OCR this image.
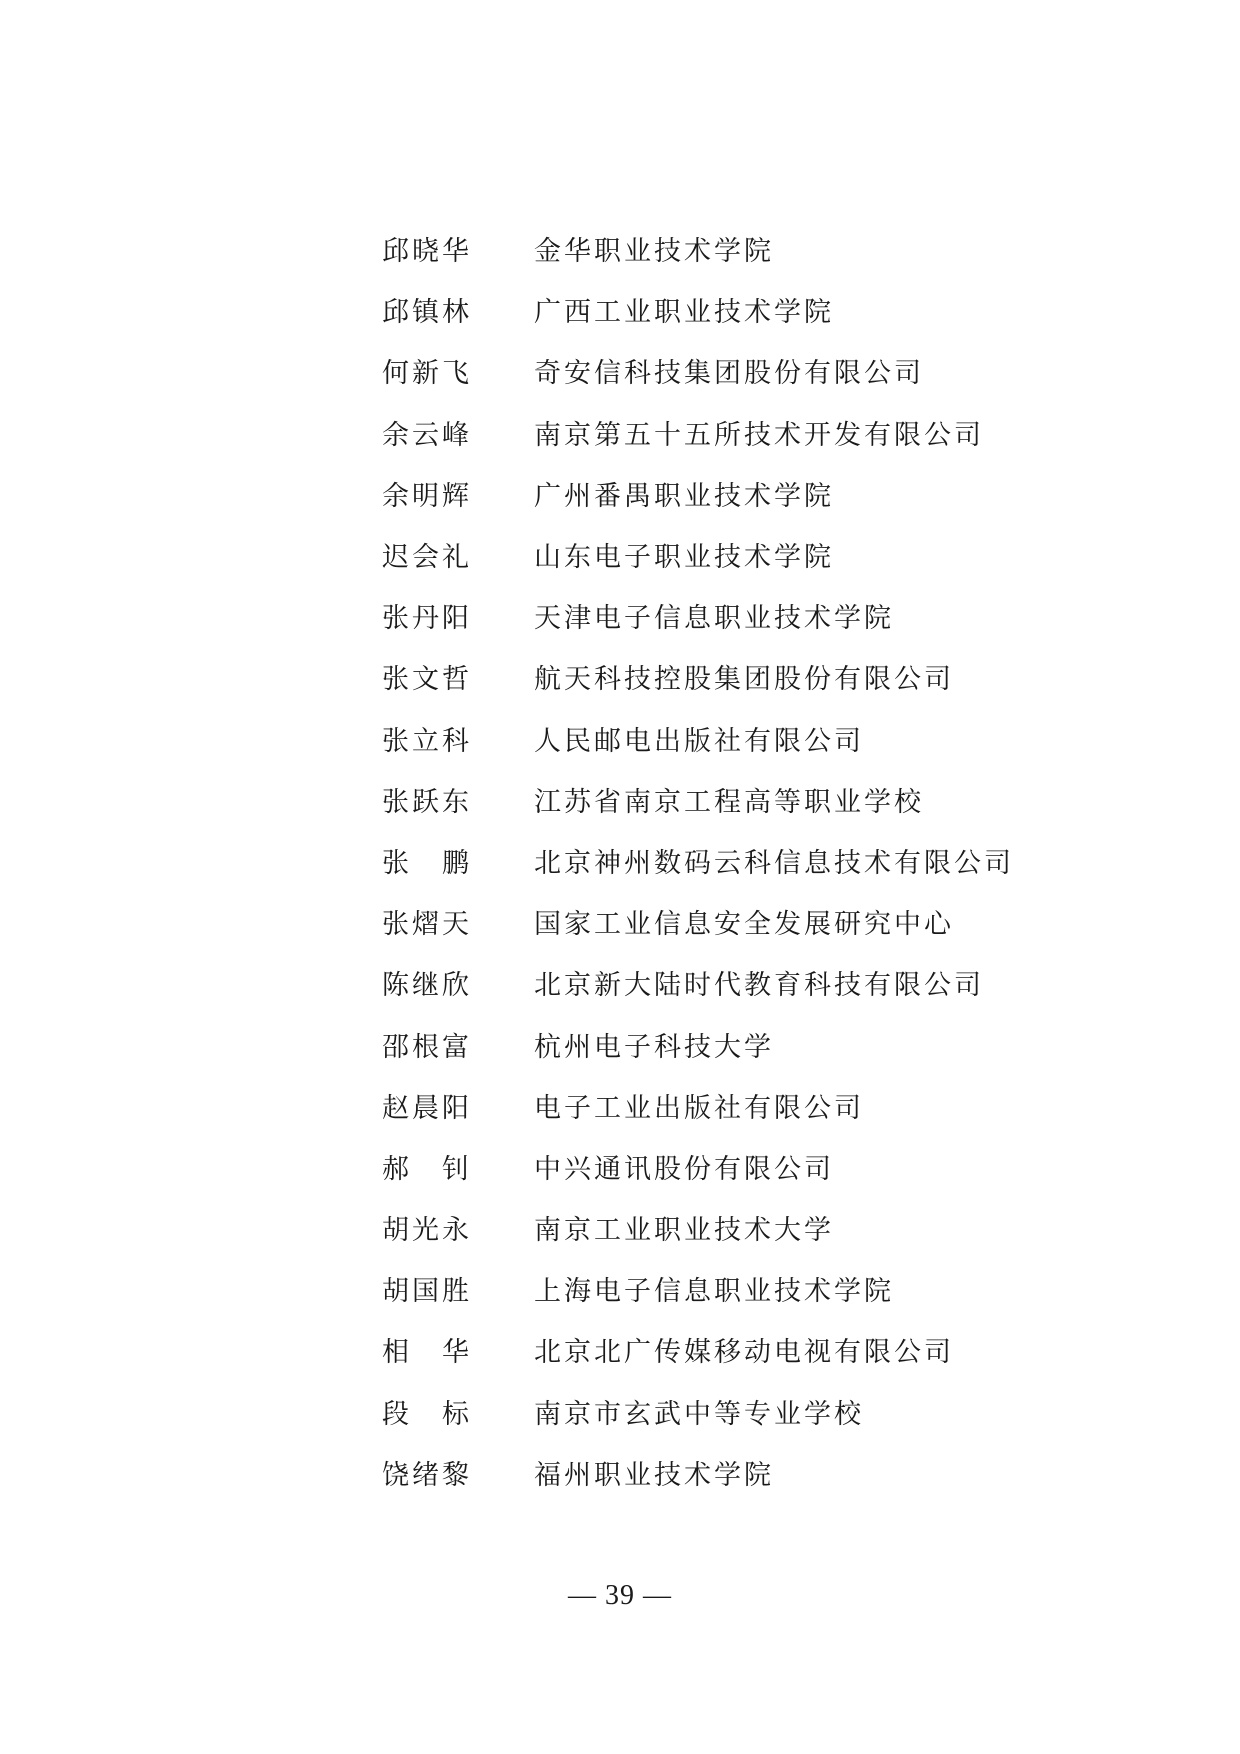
邱晓华	金华职业技术学院
邱镇林	广西工业职业技术学院
何新飞	奇安信科技集团股份有限公司
余云峰	南京第五十五所技术开发有限公司
余明辉	广州番禺职业技术学院
迟会礼	山东电子职业技术学院
张丹阳	天津电子信息职业技术学院
张文哲	航天科技控股集团股份有限公司
张立科	人民邮电出版社有限公司
张跃东	江苏省南京工程高等职业学校
张　鹏	北京神州数码云科信息技术有限公司
张熠天	国家工业信息安全发展研究中心
陈继欣	北京新大陆时代教育科技有限公司
邵根富	杭州电子科技大学
赵晨阳	电子工业出版社有限公司
郝　钊	中兴通讯股份有限公司
胡光永	南京工业职业技术大学
胡国胜	上海电子信息职业技术学院
相　华	北京北广传媒移动电视有限公司
段　标	南京市玄武中等专业学校
饶绪黎	福州职业技术学院
— 39 —
